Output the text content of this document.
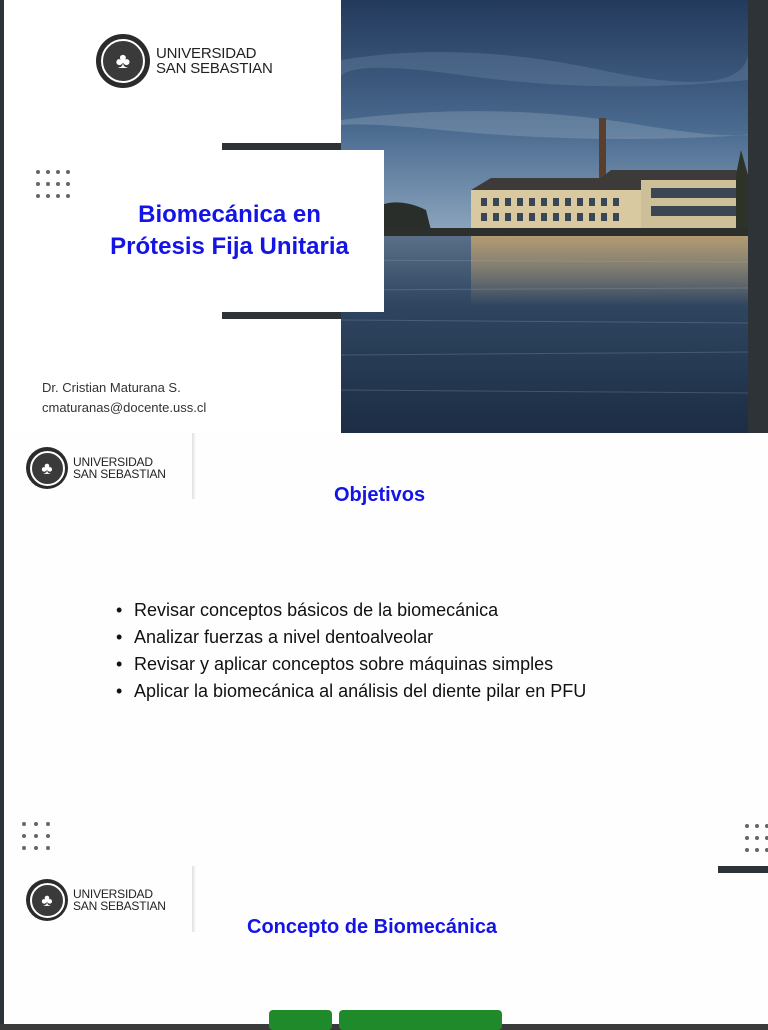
♣ UNIVERSIDAD
SAN SEBASTIAN
Biomecánica en
Prótesis Fija Unitaria
Dr. Cristian Maturana S.
cmaturanas@docente.uss.cl
♣ UNIVERSIDAD
SAN SEBASTIAN
Objetivos
• Revisar conceptos básicos de la biomecánica
• Analizar fuerzas a nivel dentoalveolar
• Revisar y aplicar conceptos sobre máquinas simples
• Aplicar la biomecánica al análisis del diente pilar en PFU
♣ UNIVERSIDAD
SAN SEBASTIAN
Concepto de Biomecánica
